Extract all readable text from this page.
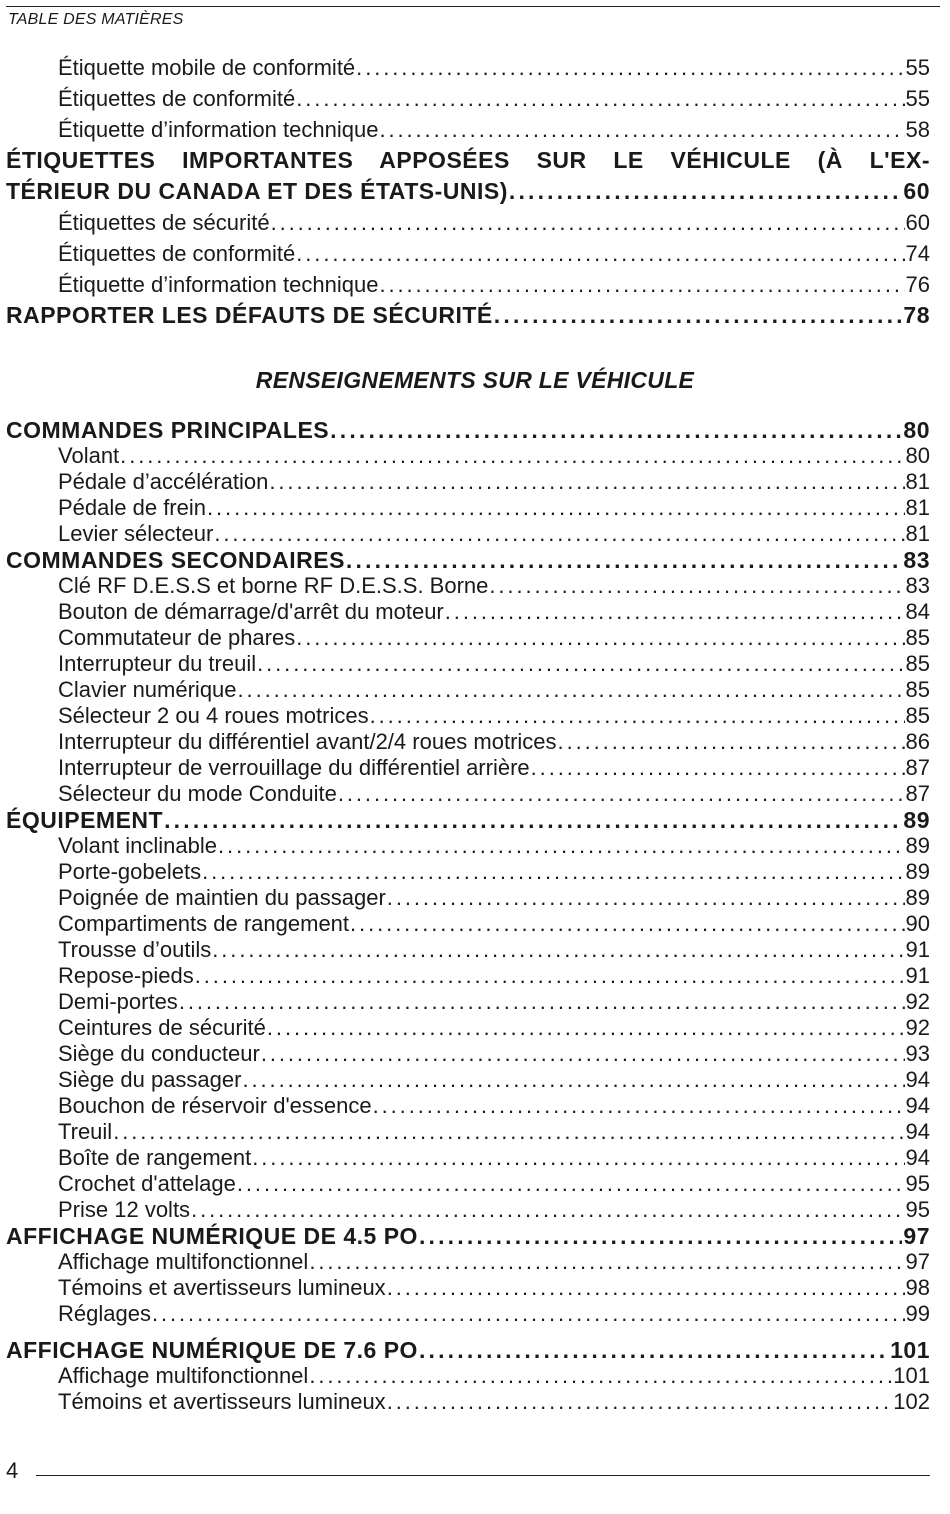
TABLE DES MATIÈRES
Étiquette mobile de conformité . . .	55
Étiquettes de conformité . . .	55
Étiquette d’information technique . . .	58
ÉTIQUETTES IMPORTANTES APPOSÉES SUR LE VÉHICULE (À L'EX-
TÉRIEUR DU CANADA ET DES ÉTATS-UNIS) . . .	60
Étiquettes de sécurité . . .	60
Étiquettes de conformité . . .	74
Étiquette d’information technique . . .	76
RAPPORTER LES DÉFAUTS DE SÉCURITÉ . . .	78
RENSEIGNEMENTS SUR LE VÉHICULE
COMMANDES PRINCIPALES . . .	80
Volant . . .	80
Pédale d’accélération . . .	81
Pédale de frein . . .	81
Levier sélecteur . . .	81
COMMANDES SECONDAIRES . . .	83
Clé RF D.E.S.S et borne RF D.E.S.S. Borne . . .	83
Bouton de démarrage/d'arrêt du moteur . . .	84
Commutateur de phares . . .	85
Interrupteur du treuil . . .	85
Clavier numérique . . .	85
Sélecteur 2 ou 4 roues motrices . . .	85
Interrupteur du différentiel avant/2/4 roues motrices . . .	86
Interrupteur de verrouillage du différentiel arrière . . .	87
Sélecteur du mode Conduite . . .	87
ÉQUIPEMENT . . .	89
Volant inclinable . . .	89
Porte-gobelets . . .	89
Poignée de maintien du passager . . .	89
Compartiments de rangement . . .	90
Trousse d’outils . . .	91
Repose-pieds . . .	91
Demi-portes . . .	92
Ceintures de sécurité . . .	92
Siège du conducteur . . .	93
Siège du passager . . .	94
Bouchon de réservoir d'essence . . .	94
Treuil . . .	94
Boîte de rangement . . .	94
Crochet d'attelage . . .	95
Prise 12 volts . . .	95
AFFICHAGE NUMÉRIQUE DE 4.5 PO . . .	97
Affichage multifonctionnel . . .	97
Témoins et avertisseurs lumineux . . .	98
Réglages . . .	99
AFFICHAGE NUMÉRIQUE DE 7.6 PO . . .	101
Affichage multifonctionnel . . .	101
Témoins et avertisseurs lumineux . . .	102
4
